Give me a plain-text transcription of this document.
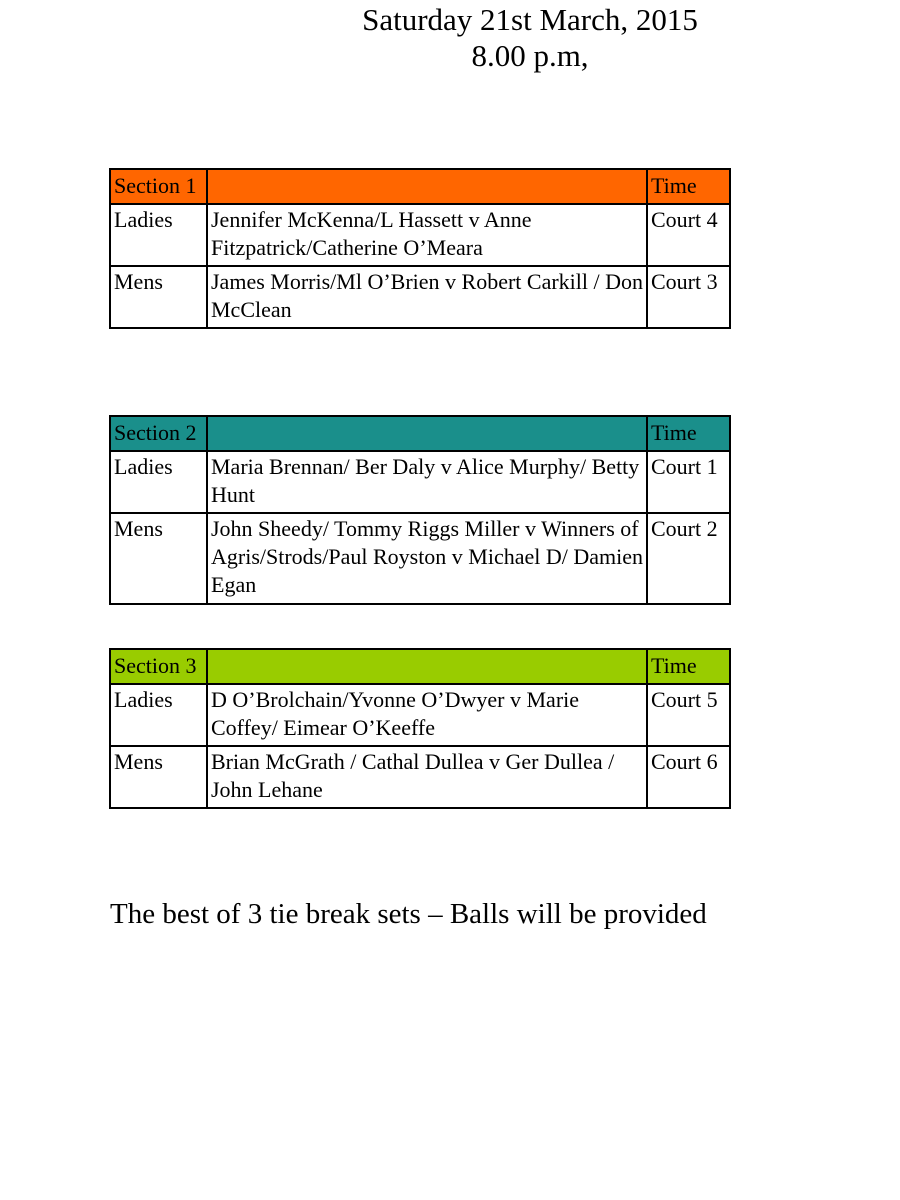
Saturday 21st March, 2015
8.00 p.m,
Section 1		Time
Ladies	Jennifer McKenna/L Hassett v Anne Fitzpatrick/Catherine O’Meara	Court 4
Mens	James Morris/Ml O’Brien v Robert Carkill / Don McClean	Court 3
Section 2		Time
Ladies	Maria Brennan/ Ber Daly v Alice Murphy/ Betty Hunt	Court 1
Mens	John Sheedy/ Tommy Riggs Miller v Winners of Agris/Strods/Paul Royston v Michael D/ Damien Egan	Court 2
Section 3		Time
Ladies	D O’Brolchain/Yvonne O’Dwyer v Marie Coffey/ Eimear O’Keeffe	Court 5
Mens	Brian McGrath / Cathal Dullea v Ger Dullea / John Lehane	Court 6
The best of 3 tie break sets – Balls will be provided
